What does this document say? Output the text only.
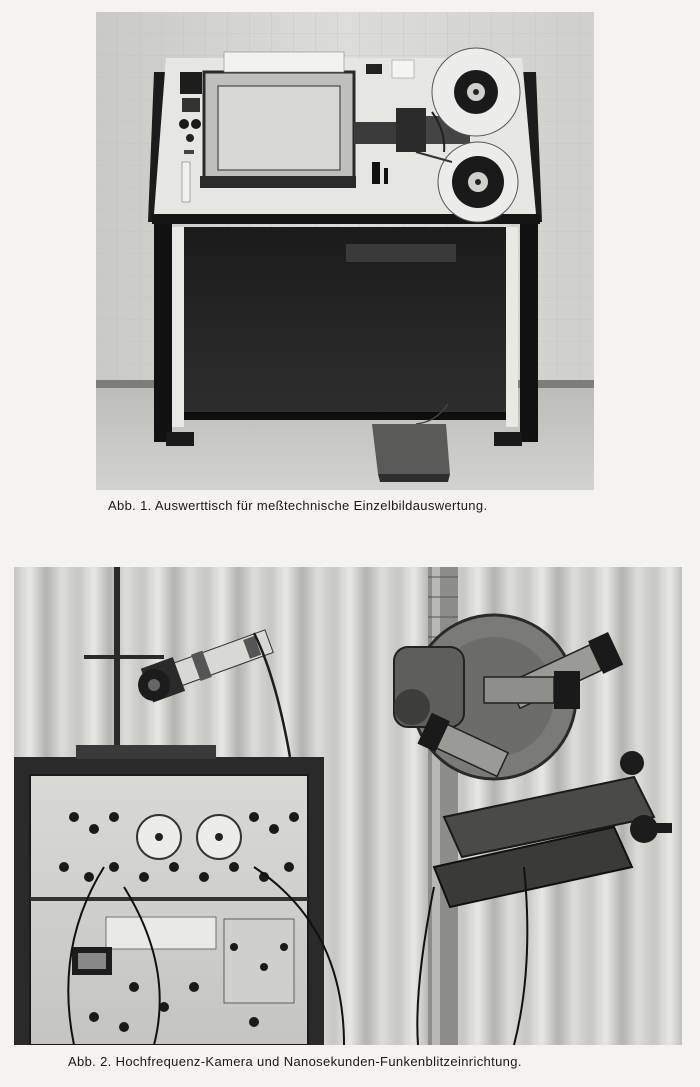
Abb. 1. Auswerttisch für meßtechnische Einzelbildauswertung.

Abb. 2. Hochfrequenz-Kamera und Nanosekunden-Funkenblitzeinrichtung.
